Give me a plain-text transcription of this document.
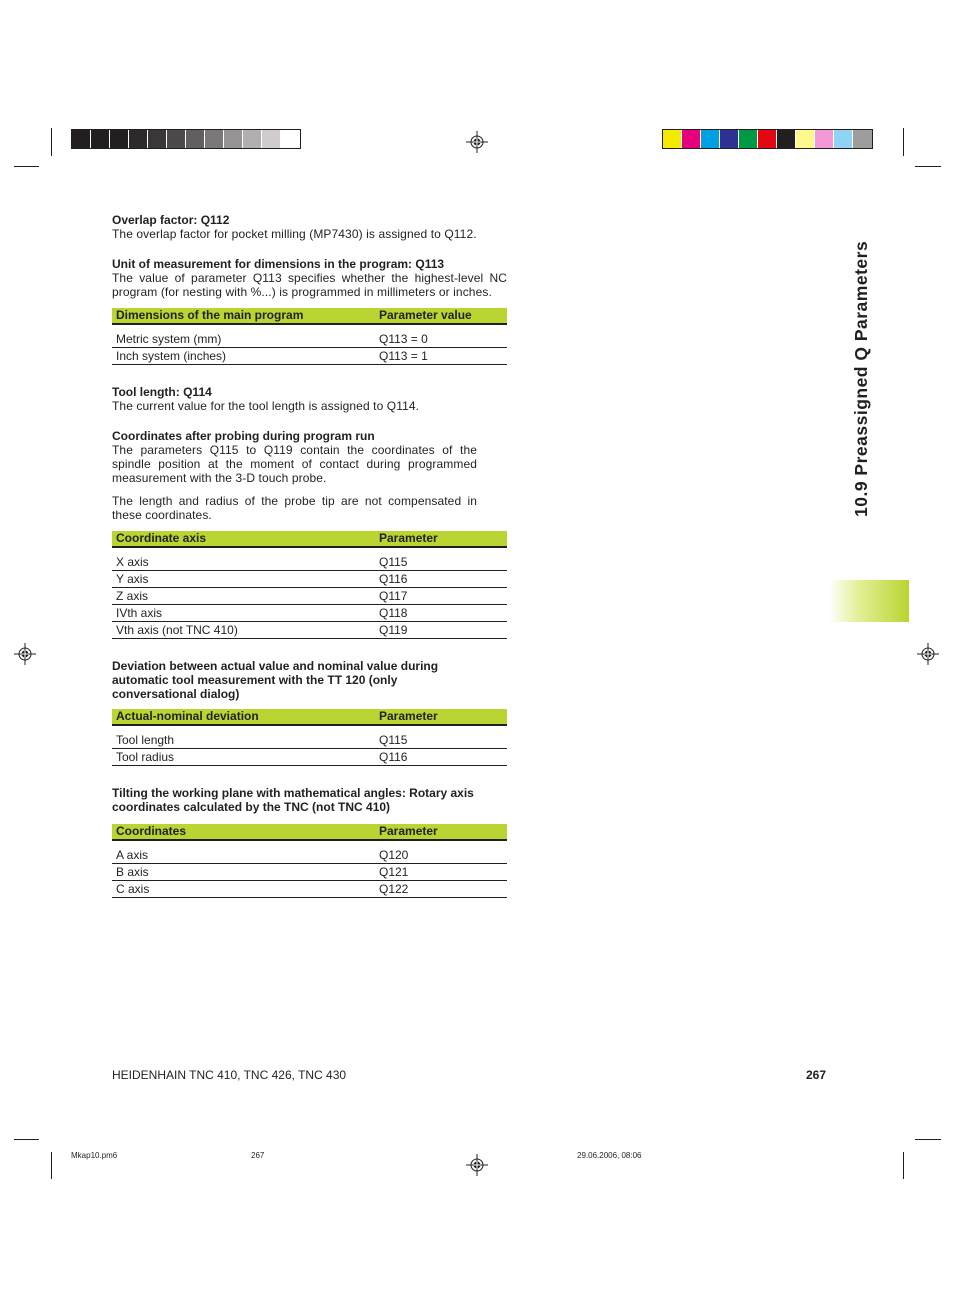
10.9 Preassigned Q Parameters

Overlap factor: Q112

The overlap factor for pocket milling (MP7430) is assigned to Q112.

Unit of measurement for dimensions in the program: Q113

The value of parameter Q113 specifies whether the highest-level NC program (for nesting with %...) is programmed in millimeters or inches.

Dimensions of the main program	Parameter value

Metric system (mm)	Q113 = 0
Inch system (inches)	Q113 = 1

Tool length: Q114

The current value for the tool length is assigned to Q114.

Coordinates after probing during program run

The parameters Q115 to Q119 contain the coordinates of the spindle position at the moment of contact during programmed measurement with the 3-D touch probe.

The length and radius of the probe tip are not compensated in these coordinates.

Coordinate axis	Parameter

X axis	Q115
Y axis	Q116
Z axis	Q117
IVth axis	Q118
Vth axis (not TNC 410)	Q119

Deviation between actual value and nominal value during automatic tool measurement with the TT 120 (only conversational dialog)

Actual-nominal deviation	Parameter

Tool length	Q115
Tool radius	Q116

Tilting the working plane with mathematical angles: Rotary axis coordinates calculated by the TNC (not TNC 410)

Coordinates	Parameter

A axis	Q120
B axis	Q121
C axis	Q122
HEIDENHAIN TNC 410, TNC 426, TNC 430	267
Mkap10.pm6	267	29.06.2006, 08:06
